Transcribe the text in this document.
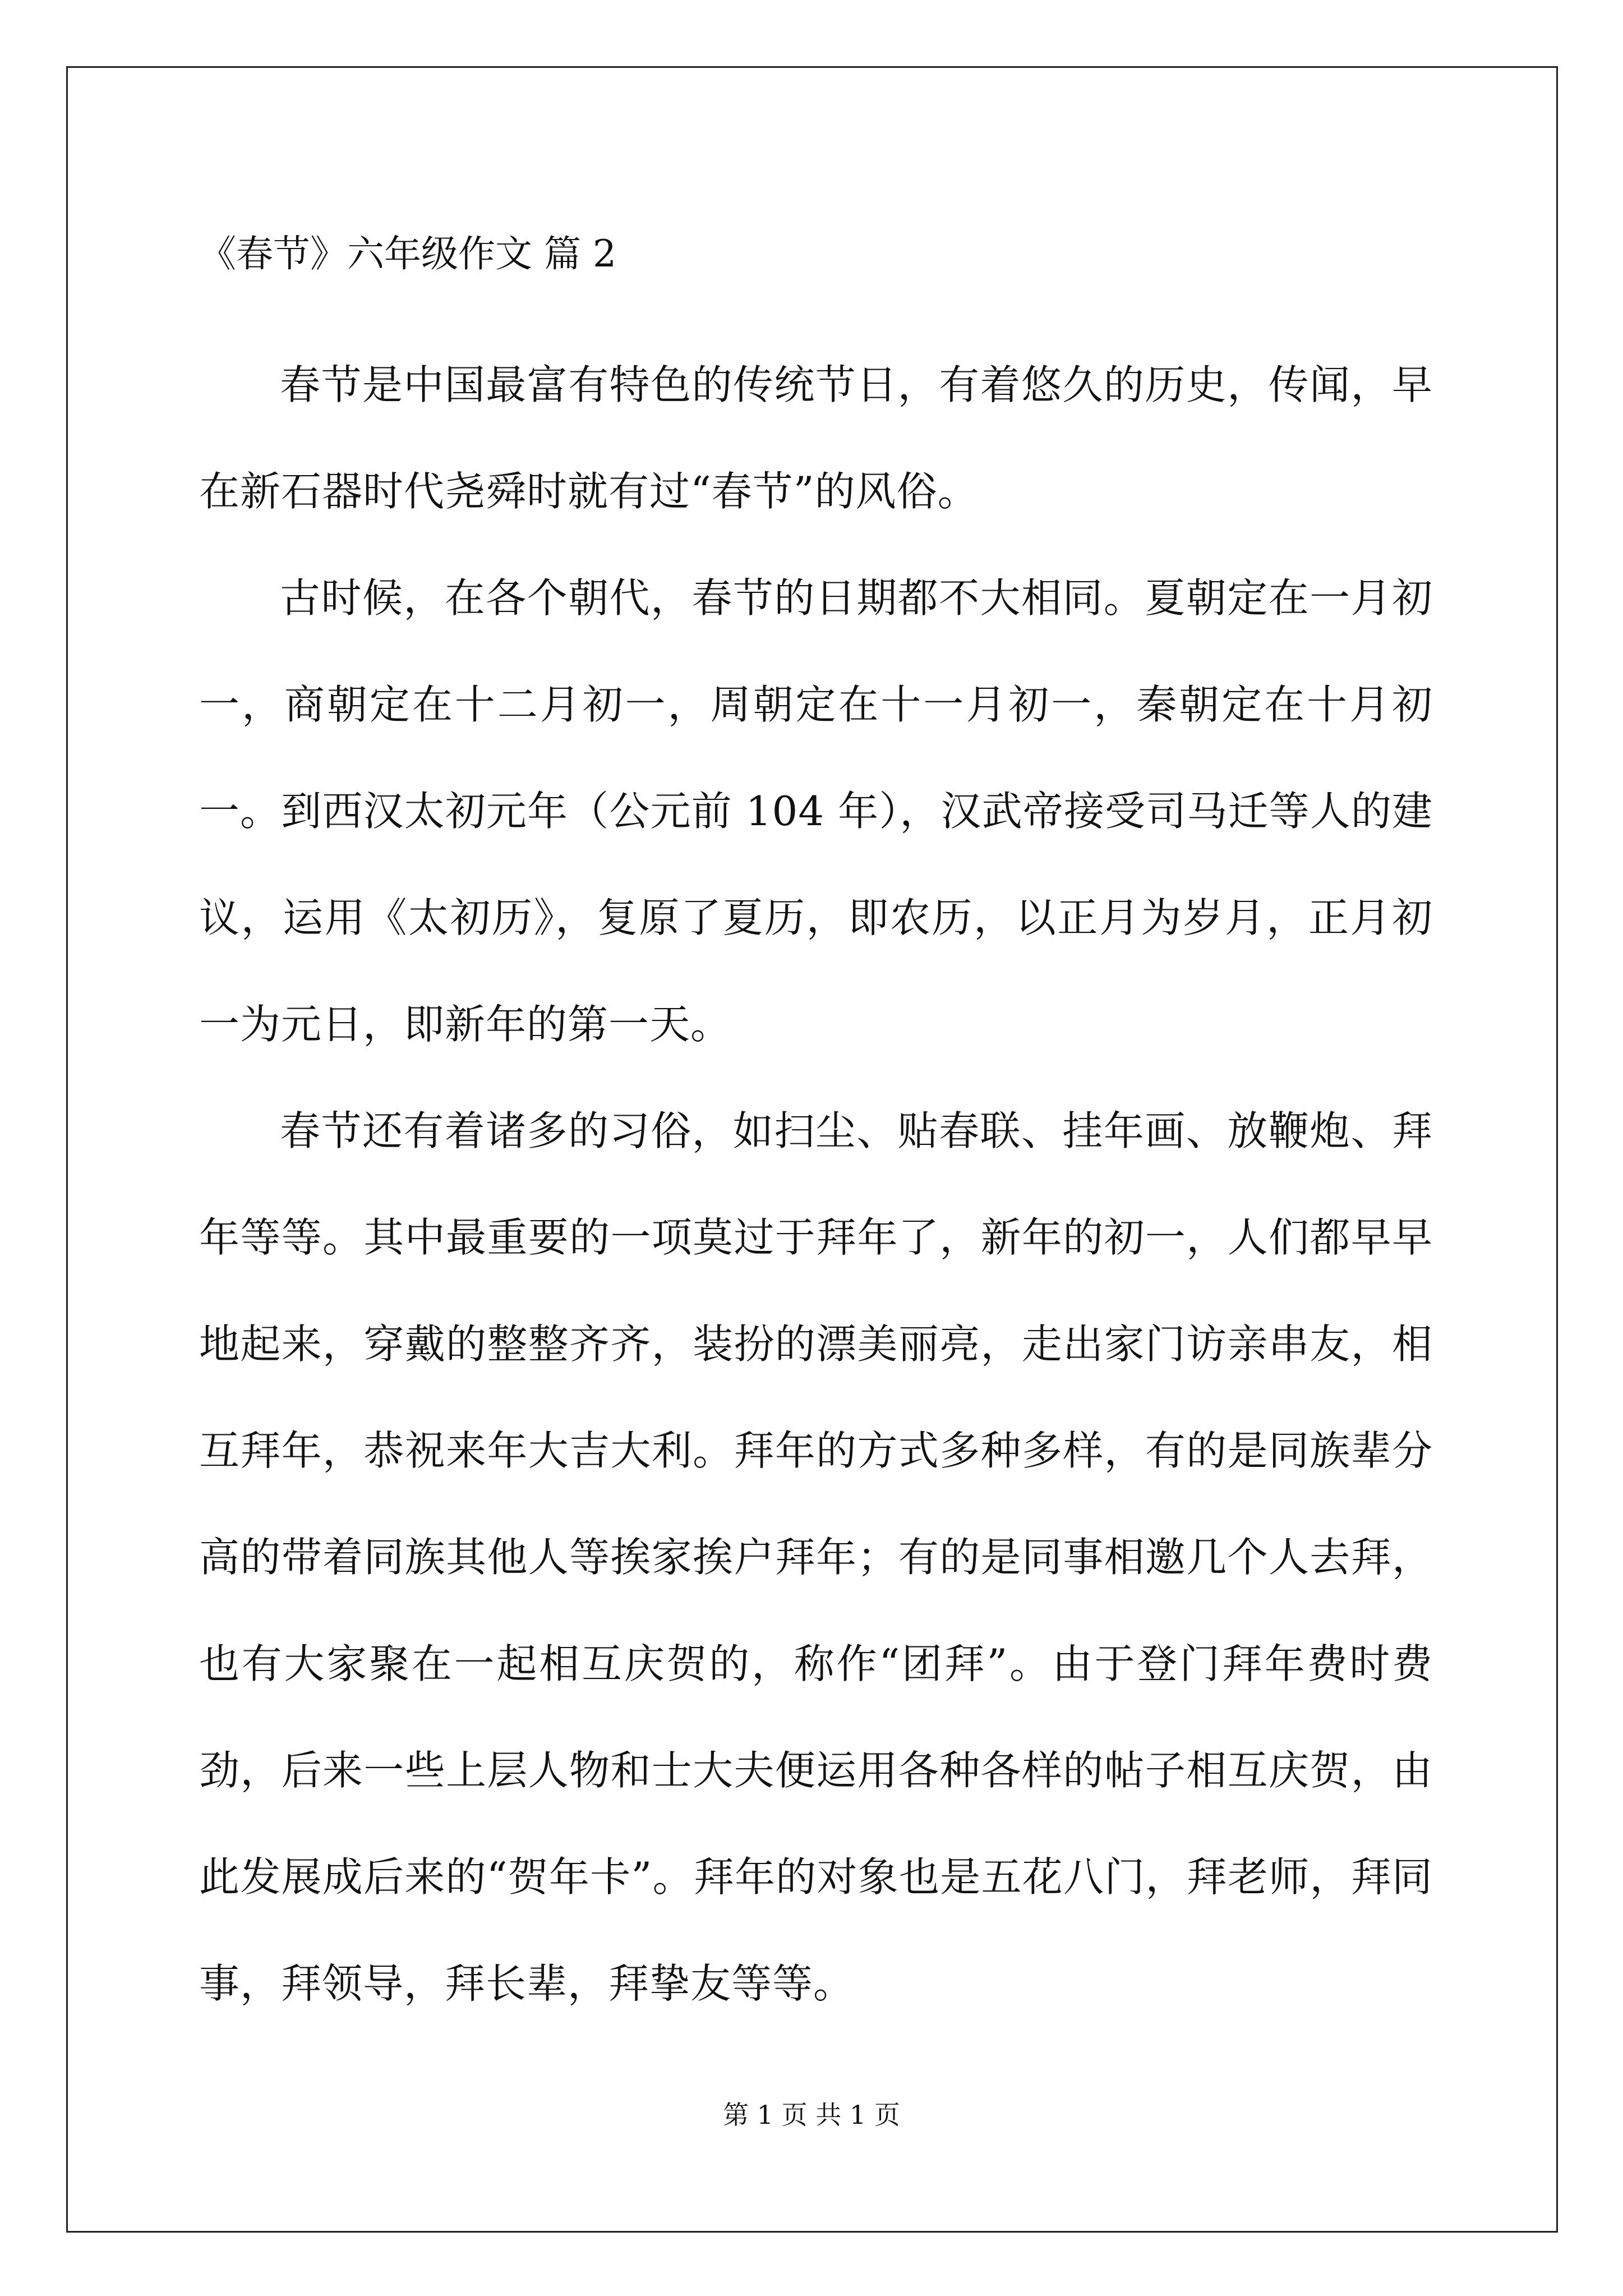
《春节》六年级作文 篇 2

春节是中国最富有特色的传统节日，有着悠久的历史，传闻，早在新石器时代尧舜时就有过“春节”的风俗。

古时候，在各个朝代，春节的日期都不大相同。夏朝定在一月初一，商朝定在十二月初一，周朝定在十一月初一，秦朝定在十月初一。到西汉太初元年（公元前 104 年），汉武帝接受司马迁等人的建议，运用《太初历》，复原了夏历，即农历，以正月为岁月，正月初一为元日，即新年的第一天。

春节还有着诸多的习俗，如扫尘、贴春联、挂年画、放鞭炮、拜年等等。其中最重要的一项莫过于拜年了，新年的初一，人们都早早地起来，穿戴的整整齐齐，装扮的漂美丽亮，走出家门访亲串友，相互拜年，恭祝来年大吉大利。拜年的方式多种多样，有的是同族辈分高的带着同族其他人等挨家挨户拜年；有的是同事相邀几个人去拜，也有大家聚在一起相互庆贺的，称作“团拜”。由于登门拜年费时费劲，后来一些上层人物和士大夫便运用各种各样的帖子相互庆贺，由此发展成后来的“贺年卡”。拜年的对象也是五花八门，拜老师，拜同事，拜领导，拜长辈，拜挚友等等。

第 1 页 共 1 页
